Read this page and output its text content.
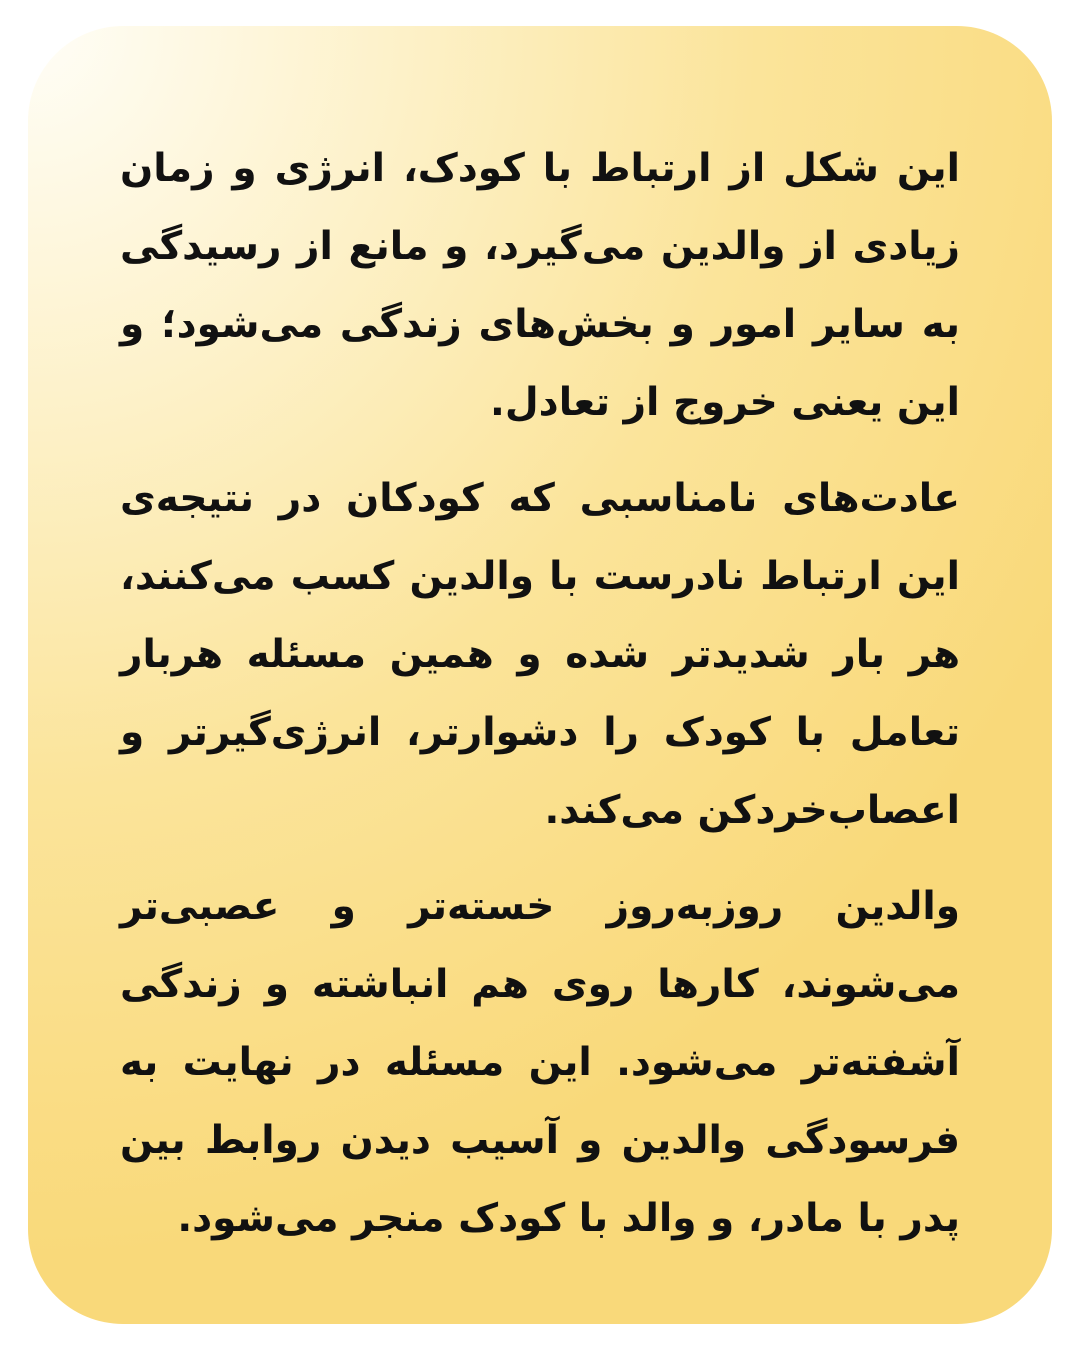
این شکل از ارتباط با کودک، انرژی و زمان زیادی از والدین می‌گیرد، و مانع از رسیدگی به سایر امور و بخش‌های زندگی می‌شود؛ و این یعنی خروج از تعادل.

عادت‌های نامناسبی که کودکان در نتیجه‌ی این ارتباط نادرست با والدین کسب می‌کنند، هر بار شدیدتر شده و همین مسئله هربار تعامل با کودک را دشوارتر، انرژی‌گیرتر و اعصاب‌خردکن می‌کند.

والدین روزبه‌روز خسته‌تر و عصبی‌تر می‌شوند، کارها روی هم انباشته و زندگی آشفته‌تر می‌شود. این مسئله در نهایت به فرسودگی والدین و آسیب دیدن روابط بین پدر با مادر، و والد با کودک منجر می‌شود.
